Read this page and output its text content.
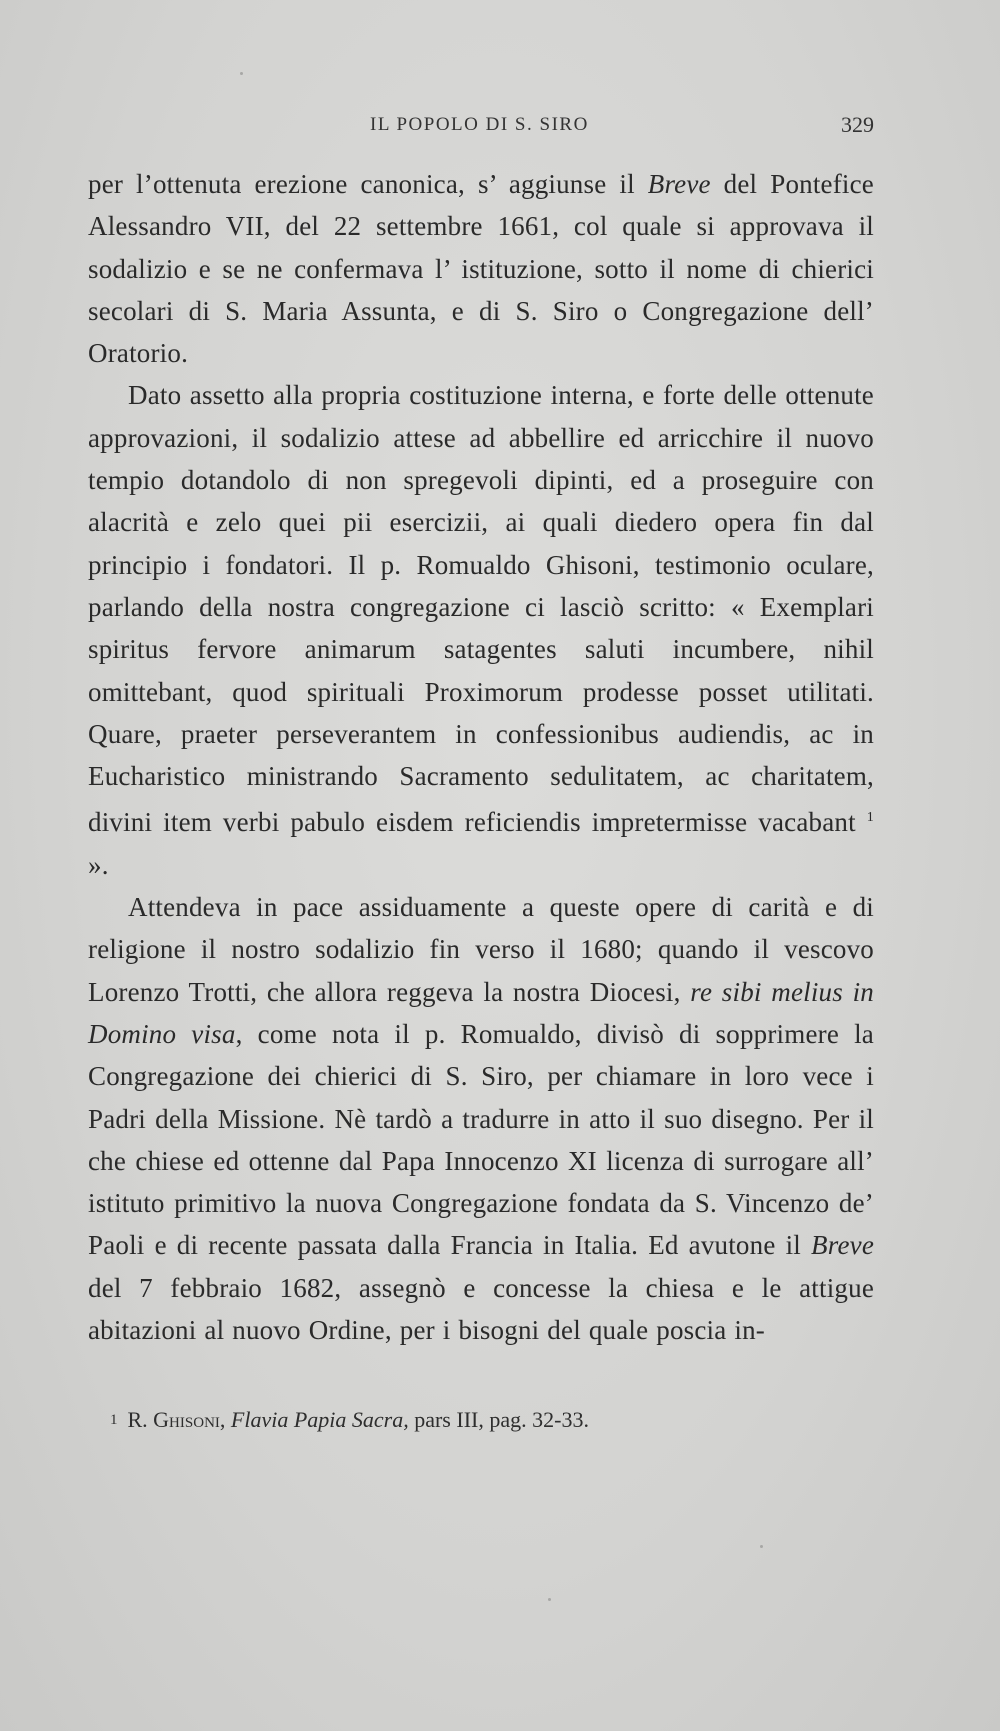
IL POPOLO DI S. SIRO	329

per l’ottenuta erezione canonica, s’ aggiunse il Breve del Pontefice Alessandro VII, del 22 settembre 1661, col quale si approvava il sodalizio e se ne confermava l’ istituzione, sotto il nome di chierici secolari di S. Maria Assunta, e di S. Siro o Congregazione dell’ Oratorio.

Dato assetto alla propria costituzione interna, e forte delle ottenute approvazioni, il sodalizio attese ad abbellire ed arricchire il nuovo tempio dotandolo di non spregevoli dipinti, ed a proseguire con alacrità e zelo quei pii esercizii, ai quali diedero opera fin dal principio i fondatori. Il p. Romualdo Ghisoni, testimonio oculare, parlando della nostra congregazione ci lasciò scritto: « Exemplari spiritus fervore animarum satagentes saluti incumbere, nihil omittebant, quod spirituali Proximorum prodesse posset utilitati. Quare, praeter perseverantem in confessionibus audiendis, ac in Eucharistico ministrando Sacramento sedulitatem, ac charitatem, divini item verbi pabulo eisdem reficiendis impretermisse vacabant $^1$ ».

Attendeva in pace assiduamente a queste opere di carità e di religione il nostro sodalizio fin verso il 1680; quando il vescovo Lorenzo Trotti, che allora reggeva la nostra Diocesi, re sibi melius in Domino visa, come nota il p. Romualdo, divisò di sopprimere la Congregazione dei chierici di S. Siro, per chiamare in loro vece i Padri della Missione. Nè tardò a tradurre in atto il suo disegno. Per il che chiese ed ottenne dal Papa Innocenzo XI licenza di surrogare all’ istituto primitivo la nuova Congregazione fondata da S. Vincenzo de’ Paoli e di recente passata dalla Francia in Italia. Ed avutone il Breve del 7 febbraio 1682, assegnò e concesse la chiesa e le attigue abitazioni al nuovo Ordine, per i bisogni del quale poscia in-

1 R. Ghisoni, Flavia Papia Sacra, pars III, pag. 32-33.
